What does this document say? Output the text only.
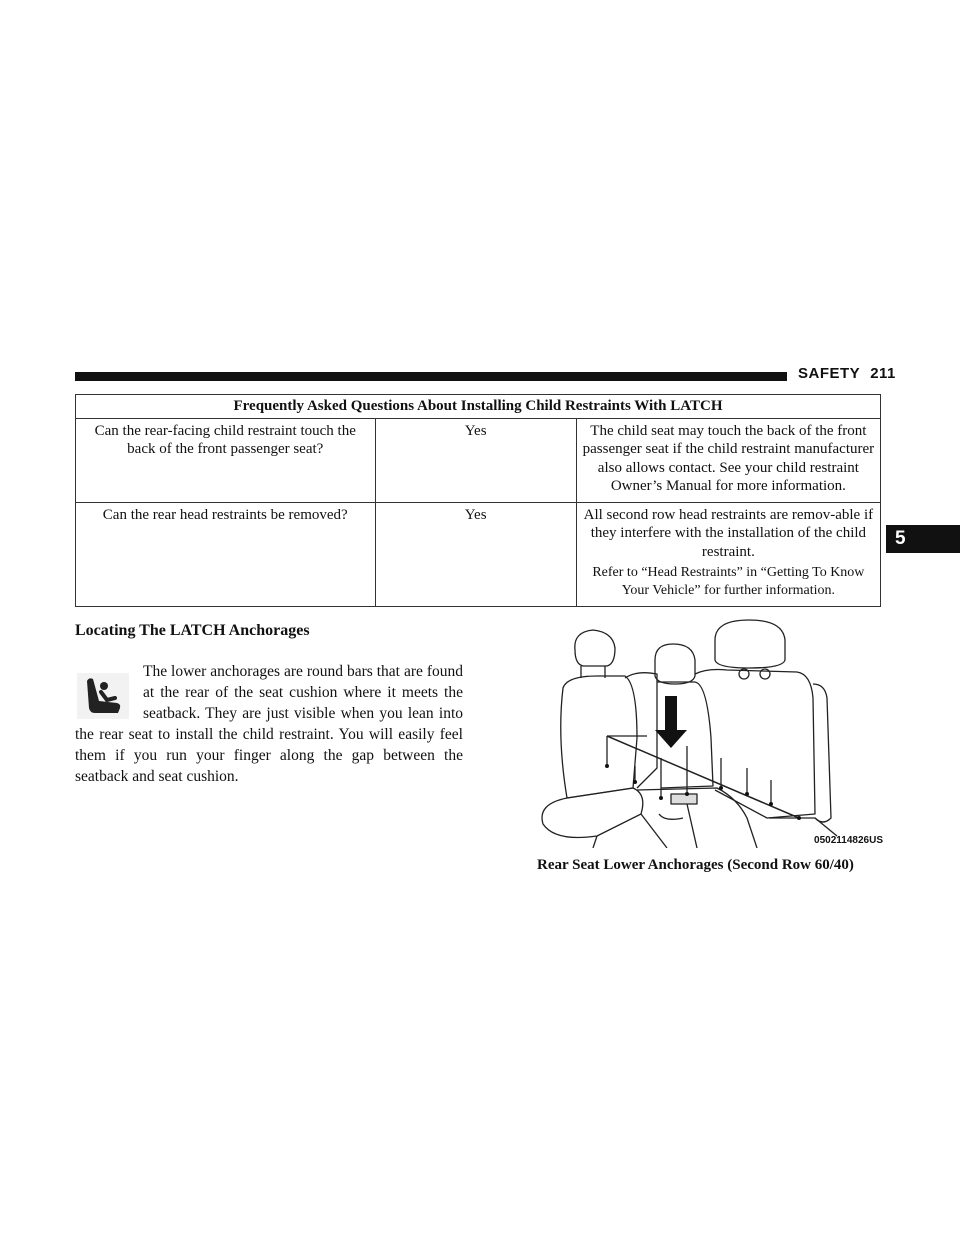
SAFETY 211
5
Frequently Asked Questions About Installing Child Restraints With LATCH		
Can the rear-facing child restraint touch the back of the front passenger seat?	Yes	The child seat may touch the back of the front passenger seat if the child restraint manufacturer also allows contact. See your child restraint Owner’s Manual for more information.
Can the rear head restraints be removed?	Yes	All second row head restraints are remov-able if they interfere with the installation of the child restraint.
Refer to “Head Restraints” in “Getting To Know Your Vehicle” for further information.
Locating The LATCH Anchorages
The lower anchorages are round bars that are found at the rear of the seat cushion where it meets the seatback. They are just visible when you lean into the rear seat to install the child restraint. You will easily feel them if you run your finger along the gap between the seatback and seat cushion.
0502114826US
Rear Seat Lower Anchorages (Second Row 60/40)
